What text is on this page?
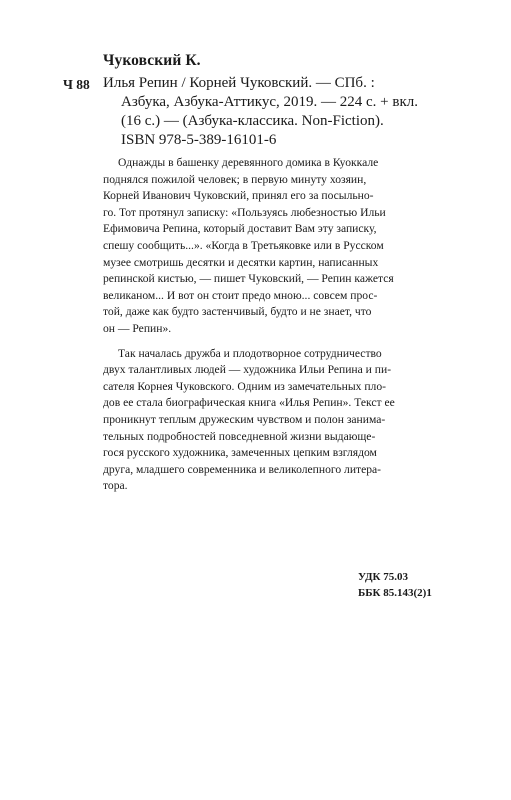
Чуковский К.
Ч 88 Илья Репин / Корней Чуковский. — СПб. :
Азбука, Азбука-Аттикус, 2019. — 224 с. + вкл.
(16 с.) — (Азбука-классика. Non-Fiction).
ISBN 978-5-389-16101-6
Однажды в башенку деревянного домика в Куоккале
поднялся пожилой человек; в первую минуту хозяин,
Корней Иванович Чуковский, принял его за посыльно-
го. Тот протянул записку: «Пользуясь любезностью Ильи
Ефимовича Репина, который доставит Вам эту записку,
спешу сообщить...». «Когда в Третьяковке или в Русском
музее смотришь десятки и десятки картин, написанных
репинской кистью, — пишет Чуковский, — Репин кажется
великаном... И вот он стоит предо мною... совсем прос-
той, даже как будто застенчивый, будто и не знает, что
он — Репин».
Так началась дружба и плодотворное сотрудничество
двух талантливых людей — художника Ильи Репина и пи-
сателя Корнея Чуковского. Одним из замечательных пло-
дов ее стала биографическая книга «Илья Репин». Текст ее
проникнут теплым дружеским чувством и полон занима-
тельных подробностей повседневной жизни выдающе-
гося русского художника, замеченных цепким взглядом
друга, младшего современника и великолепного литера-
тора.
УДК 75.03
ББК 85.143(2)1
